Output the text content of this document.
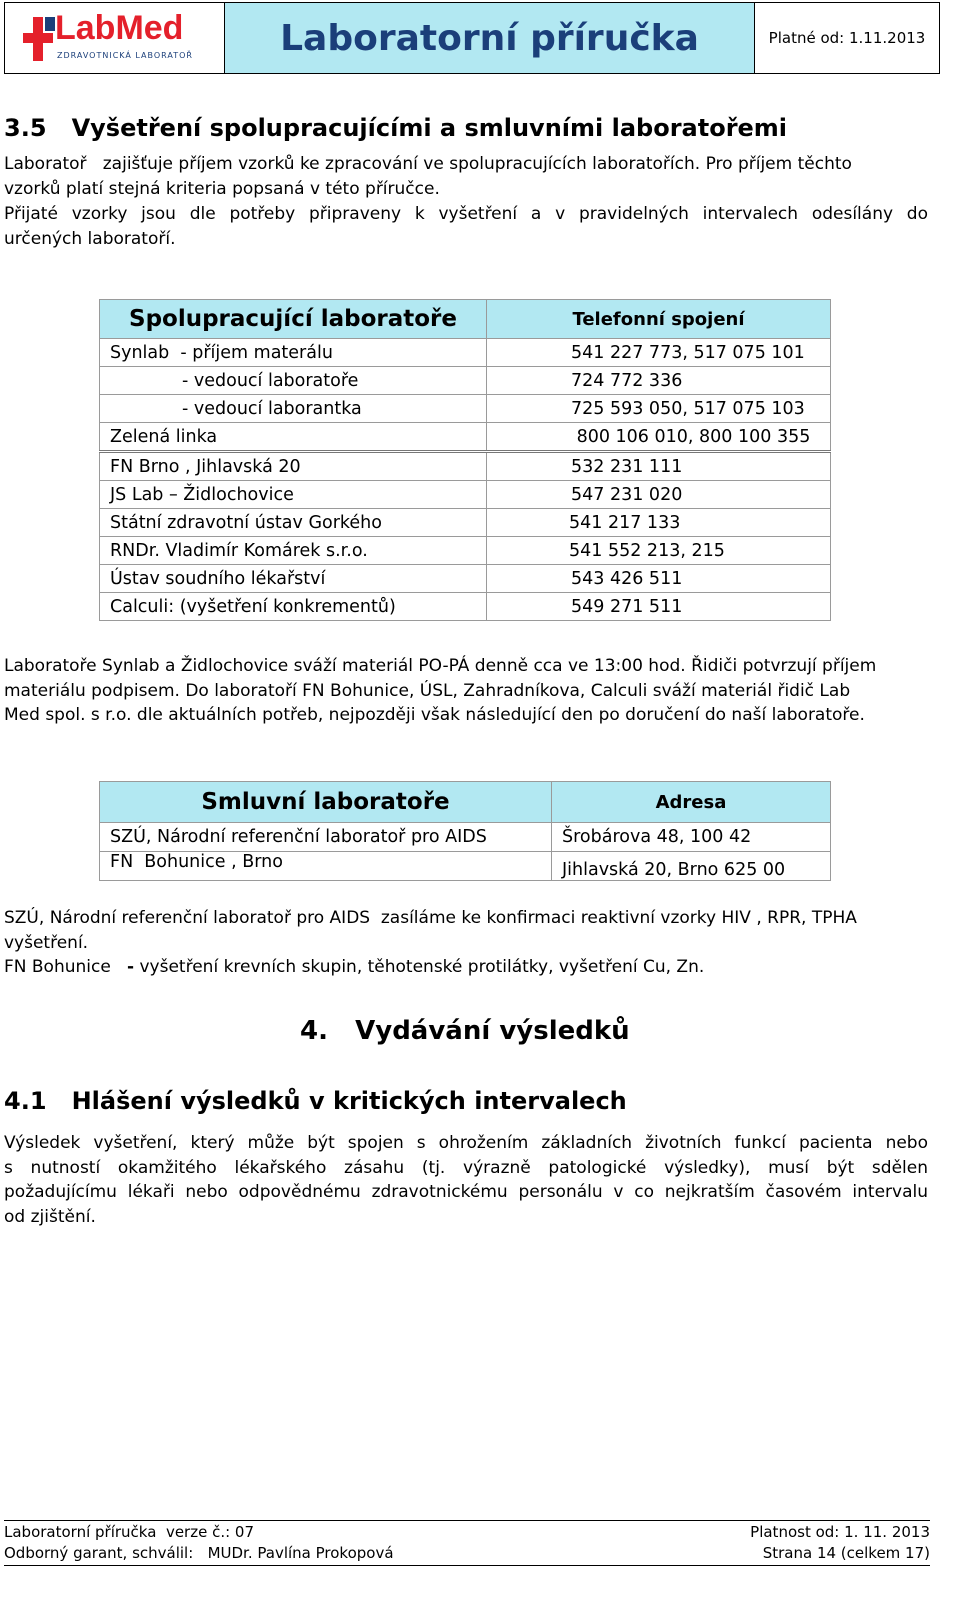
LabMed
ZDRAVOTNICKÁ LABORATOŘ	Laboratorní příručka	Platné od: 1.11.2013
3.5   Vyšetření spolupracujícími a smluvními laboratořemi

Laboratoř   zajišťuje příjem vzorků ke zpracování ve spolupracujících laboratořích. Pro příjem těchto
vzorků platí stejná kriteria popsaná v této příručce.

Přijaté vzorky jsou dle potřeby připraveny k vyšetření a v pravidelných intervalech odesílány do
určených laboratoří.

Spolupracující laboratoře	Telefonní spojení
Synlab  - příjem materálu	541 227 773, 517 075 101
- vedoucí laboratoře	724 772 336
- vedoucí laborantka	725 593 050, 517 075 103
Zelená linka	800 106 010, 800 100 355
FN Brno , Jihlavská 20	532 231 111
JS Lab – Židlochovice	547 231 020
Státní zdravotní ústav Gorkého	541 217 133
RNDr. Vladimír Komárek s.r.o.	541 552 213, 215
Ústav soudního lékařství	543 426 511
Calculi: (vyšetření konkrementů)	549 271 511

Laboratoře Synlab a Židlochovice sváží materiál PO-PÁ denně cca ve 13:00 hod. Řidiči potvrzují příjem
materiálu podpisem. Do laboratoří FN Bohunice, ÚSL, Zahradníkova, Calculi sváží materiál řidič Lab
Med spol. s r.o. dle aktuálních potřeb, nejpozději však následující den po doručení do naší laboratoře.

Smluvní laboratoře	Adresa
SZÚ, Národní referenční laboratoř pro AIDS	Šrobárova 48, 100 42
FN  Bohunice , Brno	Jihlavská 20, Brno 625 00

SZÚ, Národní referenční laboratoř pro AIDS  zasíláme ke konfirmaci reaktivní vzorky HIV , RPR, TPHA
vyšetření.
FN Bohunice   - vyšetření krevních skupin, těhotenské protilátky, vyšetření Cu, Zn.

4.   Vydávání výsledků
4.1   Hlášení výsledků v kritických intervalech

Výsledek vyšetření, který může být spojen s ohrožením základních životních funkcí pacienta nebo
s nutností okamžitého lékařského zásahu (tj. výrazně patologické výsledky), musí být sdělen
požadujícímu lékaři nebo odpovědnému zdravotnickému personálu v co nejkratším časovém intervalu
od zjištění.

Laboratorní příručka  verze č.: 07	Platnost od: 1. 11. 2013
Odborný garant, schválil:   MUDr. Pavlína Prokopová	Strana 14 (celkem 17)
